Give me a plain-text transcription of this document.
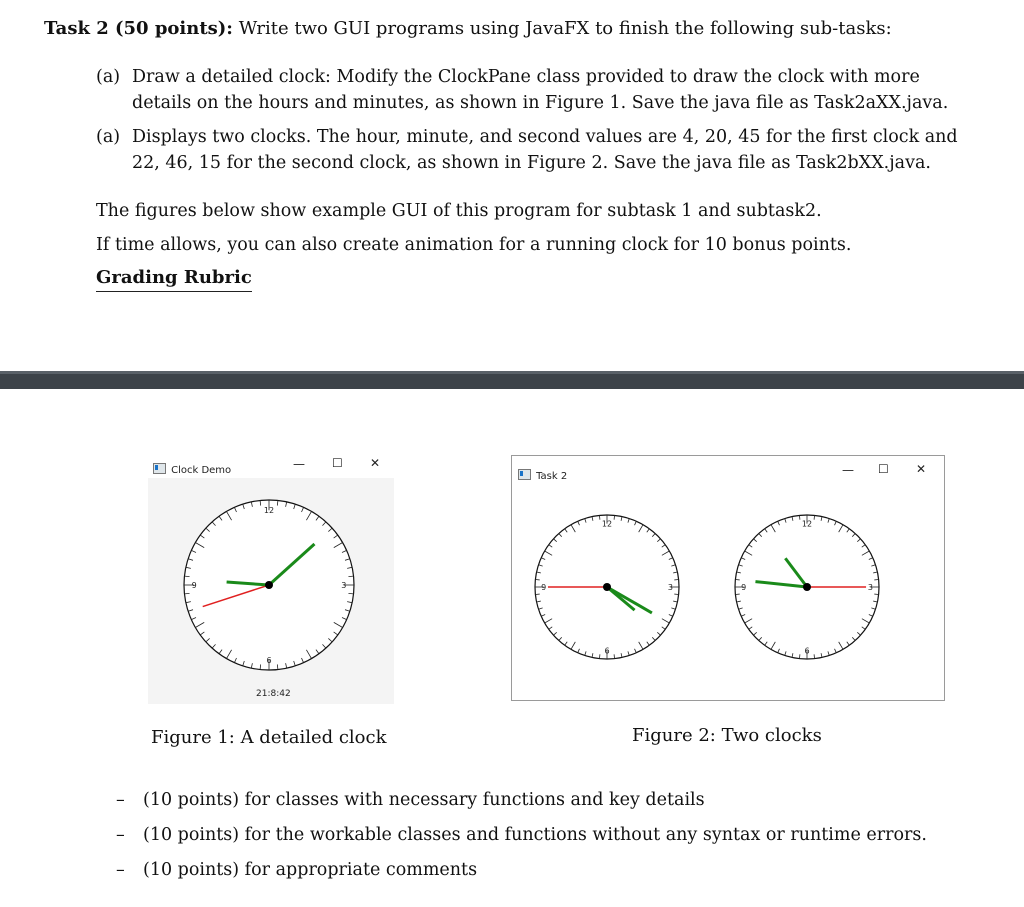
Task 2 (50 points): Write two GUI programs using JavaFX to finish the following sub-tasks:
(a) Draw a detailed clock: Modify the ClockPane class provided to draw the clock with more
details on the hours and minutes, as shown in Figure 1. Save the java file as Task2aXX.java.
(a) Displays two clocks. The hour, minute, and second values are 4, 20, 45 for the first clock and
22, 46, 15 for the second clock, as shown in Figure 2. Save the java file as Task2bXX.java.
The figures below show example GUI of this program for subtask 1 and subtask2.
If time allows, you can also create animation for a running clock for 10 bonus points.
Grading Rubric
Clock Demo	— ☐ ✕
12
3
6
9
21:8:42
Figure 1: A detailed clock
Task 2	— ☐ ✕
12
3
6
9
12
3
6
9
Figure 2: Two clocks
– (10 points) for classes with necessary functions and key details
– (10 points) for the workable classes and functions without any syntax or runtime errors.
– (10 points) for appropriate comments
